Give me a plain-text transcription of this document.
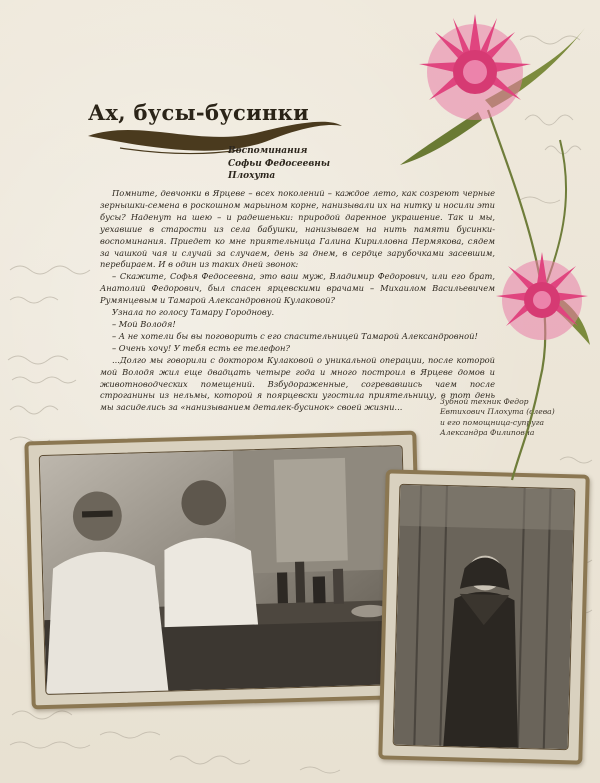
Ах, бусы-бусинки
Воспоминания
Софьи Федосеевны
Плохута

Помните, девчонки в Ярцеве – всех поколений – каждое лето, как созреют черные зернышки-семена в роскошном марьином корне, нанизывали их на нитку и носили эти бусы? Наденут на шею – и радешеньки: природой даренное украшение. Так и мы, уехавшие в старости из села бабушки, нанизываем на нить памяти бусинки-воспоминания. Приедет ко мне приятельница Галина Кирилловна Пермякова, сядем за чашкой чая и случай за случаем, день за днем, в сердце зарубочками засевшим, перебираем. И в один из таких дней звонок:

– Скажите, Софья Федосеевна, это ваш муж, Владимир Федорович, или его брат, Анатолий Федорович, был спасен ярцевскими врачами – Михаилом Васильевичем Румянцевым и Тамарой Александровной Кулаковой?

Узнала по голосу Тамару Городнову.

– Мой Володя!

– А не хотели бы вы поговорить с его спасительницей Тамарой Александровной!

– Очень хочу! У тебя есть ее телефон?

...Долго мы говорили с доктором Кулаковой о уникальной операции, после которой мой Володя жил еще двадцать четыре года и много построил в Ярцеве домов и животноводческих помещений. Взбудораженные, согревавшись чаем после строганины из нельмы, которой я поярцевски угостила приятельницу, в тот день мы засиделись за «нанизыванием деталек-бусинок» своей жизни...

Зубной техник Федор Евтихович Плохута (слева) и его помощница-супруга Александра Филиповна
